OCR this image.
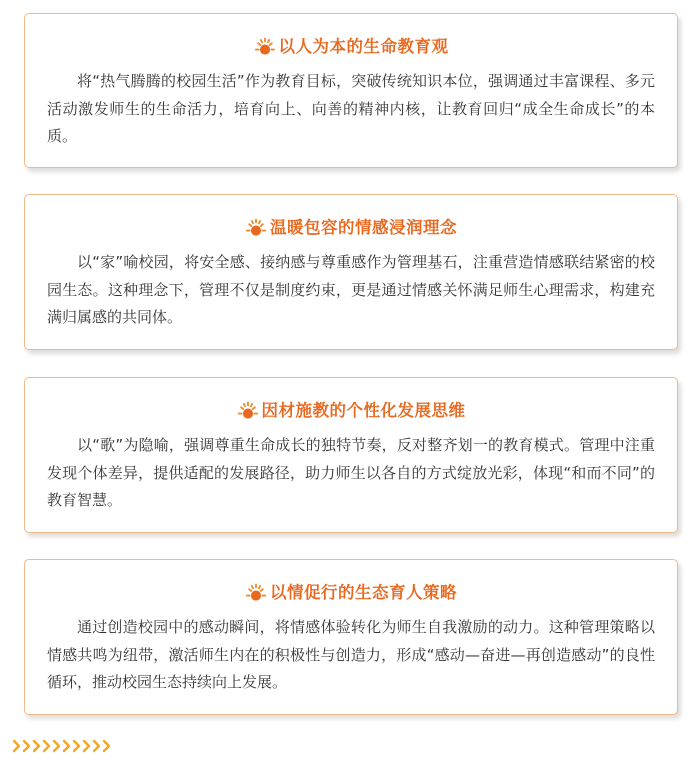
以人为本的生命教育观
将“热气腾腾的校园生活”作为教育目标，突破传统知识本位，强调通过丰富课程、多元活动激发师生的生命活力，培育向上、向善的精神内核，让教育回归“成全生命成长”的本质。
温暖包容的情感浸润理念
以“家”喻校园，将安全感、接纳感与尊重感作为管理基石，注重营造情感联结紧密的校园生态。这种理念下，管理不仅是制度约束，更是通过情感关怀满足师生心理需求，构建充满归属感的共同体。
因材施教的个性化发展思维
以“歌”为隐喻，强调尊重生命成长的独特节奏，反对整齐划一的教育模式。管理中注重发现个体差异，提供适配的发展路径，助力师生以各自的方式绽放光彩，体现“和而不同”的教育智慧。
以情促行的生态育人策略
通过创造校园中的感动瞬间，将情感体验转化为师生自我激励的动力。这种管理策略以情感共鸣为纽带，激活师生内在的积极性与创造力，形成“感动—奋进—再创造感动”的良性循环，推动校园生态持续向上发展。
